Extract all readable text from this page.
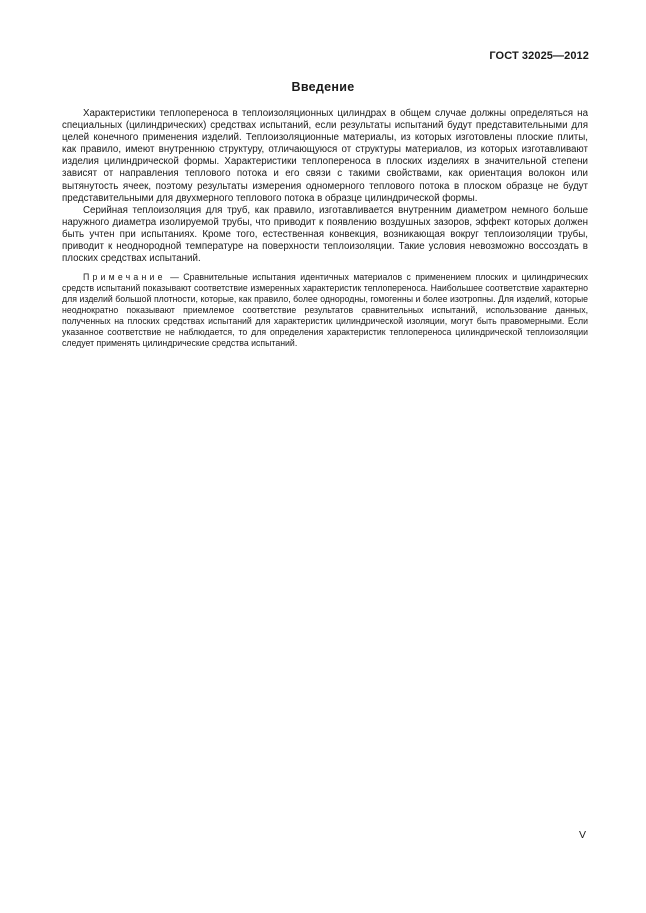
ГОСТ 32025—2012
Введение

Характеристики теплопереноса в теплоизоляционных цилиндрах в общем случае должны определяться на специальных (цилиндрических) средствах испытаний, если результаты испытаний будут представительными для целей конечного применения изделий. Теплоизоляционные материалы, из которых изготовлены плоские плиты, как правило, имеют внутреннюю структуру, отличающуюся от структуры материалов, из которых изготавливают изделия цилиндрической формы. Характеристики теплопереноса в плоских изделиях в значительной степени зависят от направления теплового потока и его связи с такими свойствами, как ориентация волокон или вытянутость ячеек, поэтому результаты измерения одномерного теплового потока в плоском образце не будут представительными для двухмерного теплового потока в образце цилиндрической формы.

Серийная теплоизоляция для труб, как правило, изготавливается внутренним диаметром немного больше наружного диаметра изолируемой трубы, что приводит к появлению воздушных зазоров, эффект которых должен быть учтен при испытаниях. Кроме того, естественная конвекция, возникающая вокруг теплоизоляции трубы, приводит к неоднородной температуре на поверхности теплоизоляции. Такие условия невозможно воссоздать в плоских средствах испытаний.

Примечание — Сравнительные испытания идентичных материалов с применением плоских и цилиндрических средств испытаний показывают соответствие измеренных характеристик теплопереноса. Наибольшее соответствие характерно для изделий большой плотности, которые, как правило, более однородны, гомогенны и более изотропны. Для изделий, которые неоднократно показывают приемлемое соответствие результатов сравнительных испытаний, использование данных, полученных на плоских средствах испытаний для характеристик цилиндрической изоляции, могут быть правомерными. Если указанное соответствие не наблюдается, то для определения характеристик теплопереноса цилиндрической теплоизоляции следует применять цилиндрические средства испытаний.

V
